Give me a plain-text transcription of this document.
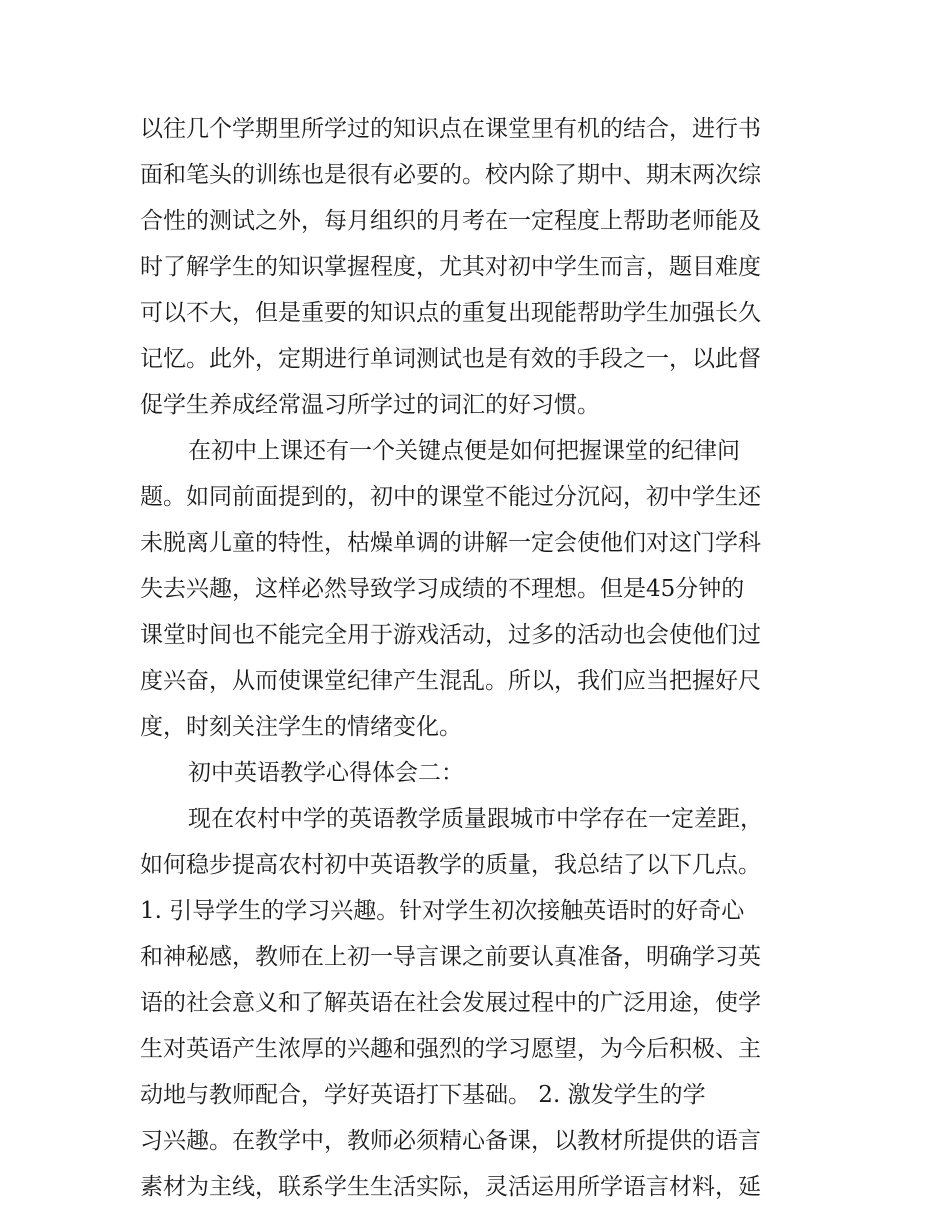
以往几个学期里所学过的知识点在课堂里有机的结合，进行书
面和笔头的训练也是很有必要的。校内除了期中、期末两次综
合性的测试之外，每月组织的月考在一定程度上帮助老师能及
时了解学生的知识掌握程度，尤其对初中学生而言，题目难度
可以不大，但是重要的知识点的重复出现能帮助学生加强长久
记忆。此外，定期进行单词测试也是有效的手段之一，以此督
促学生养成经常温习所学过的词汇的好习惯。
在初中上课还有一个关键点便是如何把握课堂的纪律问
题。如同前面提到的，初中的课堂不能过分沉闷，初中学生还
未脱离儿童的特性，枯燥单调的讲解一定会使他们对这门学科
失去兴趣，这样必然导致学习成绩的不理想。但是45分钟的
课堂时间也不能完全用于游戏活动，过多的活动也会使他们过
度兴奋，从而使课堂纪律产生混乱。所以，我们应当把握好尺
度，时刻关注学生的情绪变化。
初中英语教学心得体会二：
现在农村中学的英语教学质量跟城市中学存在一定差距，
如何稳步提高农村初中英语教学的质量，我总结了以下几点。
1. 引导学生的学习兴趣。针对学生初次接触英语时的好奇心
和神秘感，教师在上初一导言课之前要认真准备，明确学习英
语的社会意义和了解英语在社会发展过程中的广泛用途，使学
生对英语产生浓厚的兴趣和强烈的学习愿望，为今后积极、主
动地与教师配合，学好英语打下基础。 2. 激发学生的学
习兴趣。在教学中，教师必须精心备课，以教材所提供的语言
素材为主线，联系学生生活实际，灵活运用所学语言材料，延
